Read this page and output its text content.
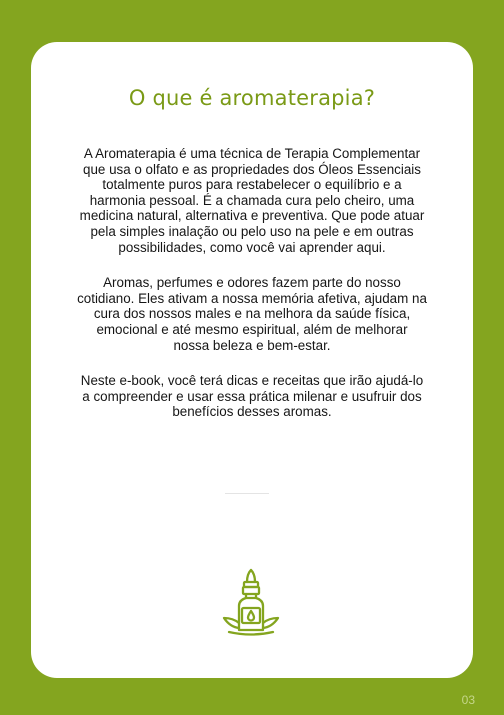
O que é aromaterapia?

A Aromaterapia é uma técnica de Terapia Complementar que usa o olfato e as propriedades dos Óleos Essenciais totalmente puros para restabelecer o equilíbrio e a harmonia pessoal. É a chamada cura pelo cheiro, uma medicina natural, alternativa e preventiva. Que pode atuar pela simples inalação ou pelo uso na pele e em outras possibilidades, como você vai aprender aqui.

Aromas, perfumes e odores fazem parte do nosso cotidiano. Eles ativam a nossa memória afetiva, ajudam na cura dos nossos males e na melhora da saúde física, emocional e até mesmo espiritual, além de melhorar nossa beleza e bem-estar.

Neste e-book, você terá dicas e receitas que irão ajudá-lo a compreender e usar essa prática milenar e usufruir dos benefícios desses aromas.

03
